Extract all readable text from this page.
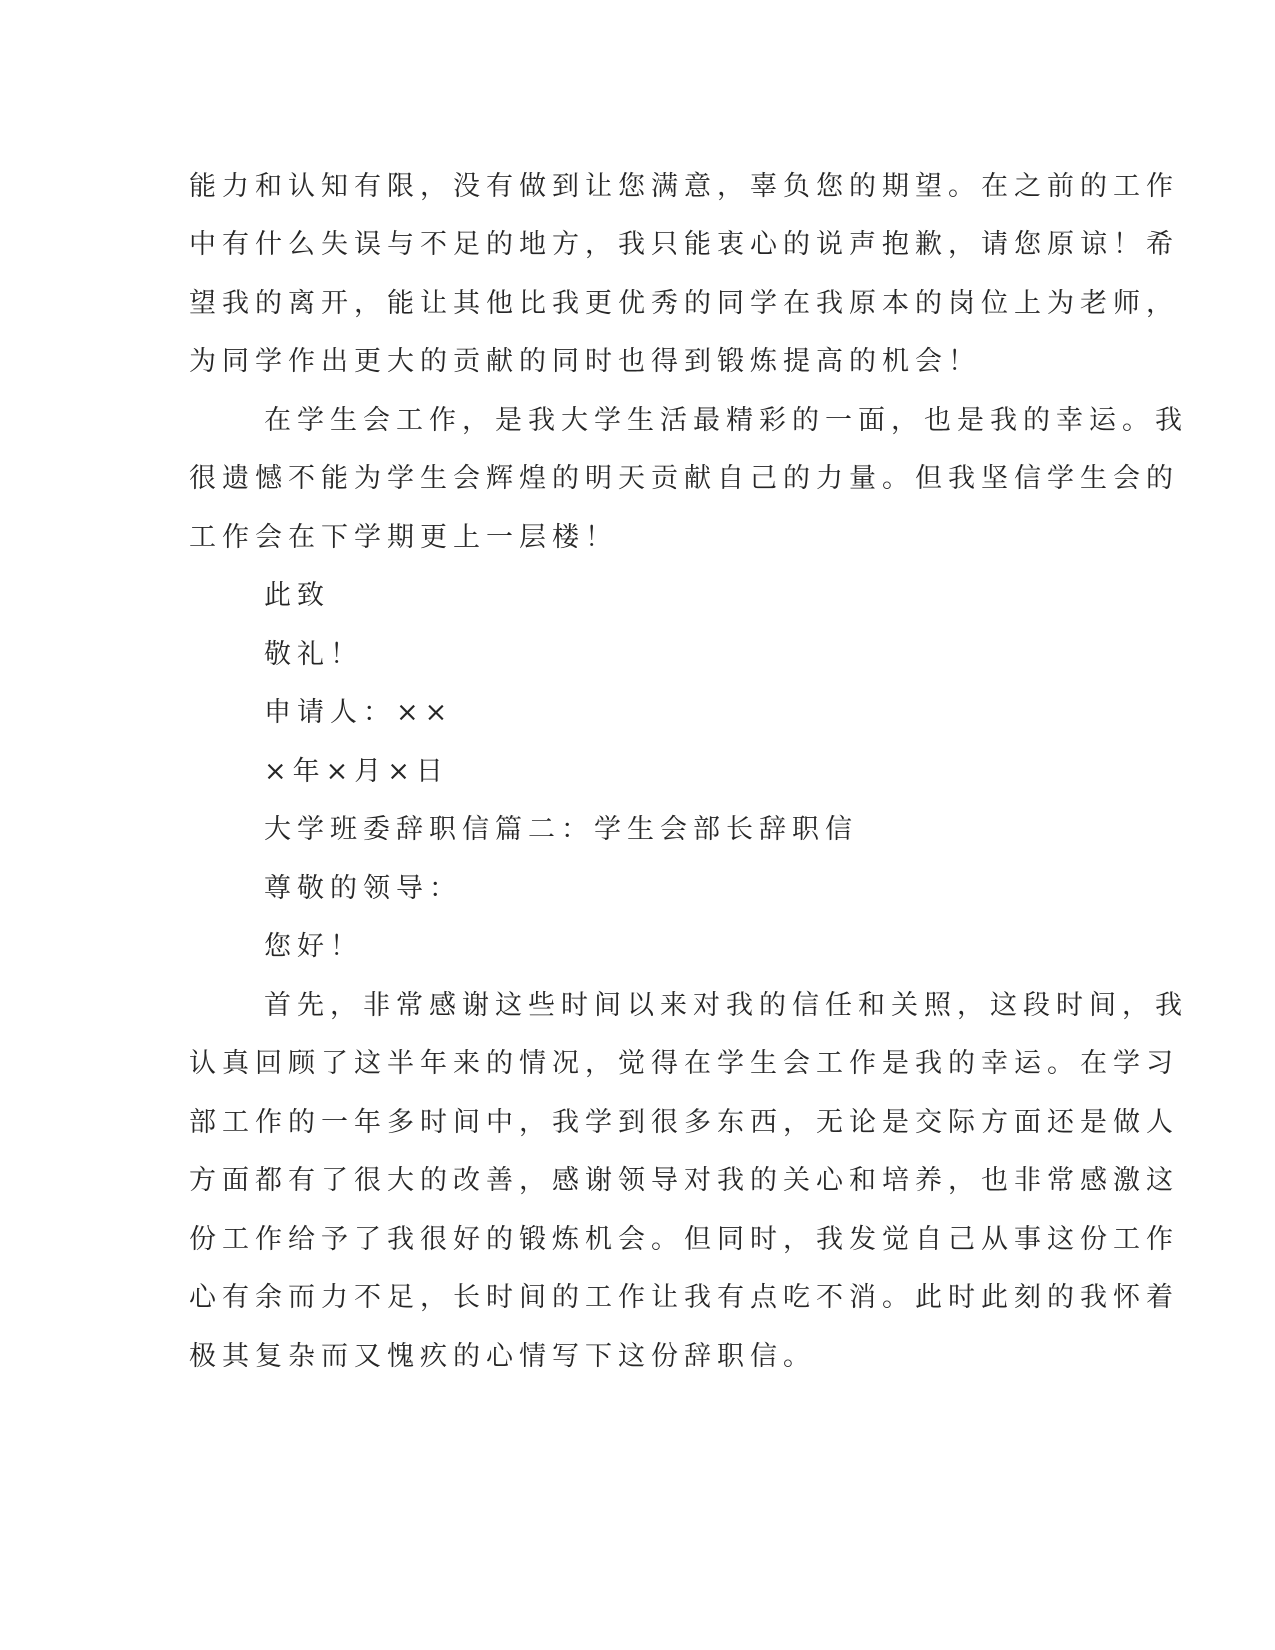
能力和认知有限，没有做到让您满意，辜负您的期望。在之前的工作
中有什么失误与不足的地方，我只能衷心的说声抱歉，请您原谅！希
望我的离开，能让其他比我更优秀的同学在我原本的岗位上为老师，
为同学作出更大的贡献的同时也得到锻炼提高的机会！
在学生会工作，是我大学生活最精彩的一面，也是我的幸运。我
很遗憾不能为学生会辉煌的明天贡献自己的力量。但我坚信学生会的
工作会在下学期更上一层楼！
此致
敬礼！
申请人：××
×年×月×日
大学班委辞职信篇二：学生会部长辞职信
尊敬的领导：
您好！
首先，非常感谢这些时间以来对我的信任和关照，这段时间，我
认真回顾了这半年来的情况，觉得在学生会工作是我的幸运。在学习
部工作的一年多时间中，我学到很多东西，无论是交际方面还是做人
方面都有了很大的改善，感谢领导对我的关心和培养，也非常感激这
份工作给予了我很好的锻炼机会。但同时，我发觉自己从事这份工作
心有余而力不足，长时间的工作让我有点吃不消。此时此刻的我怀着
极其复杂而又愧疚的心情写下这份辞职信。
